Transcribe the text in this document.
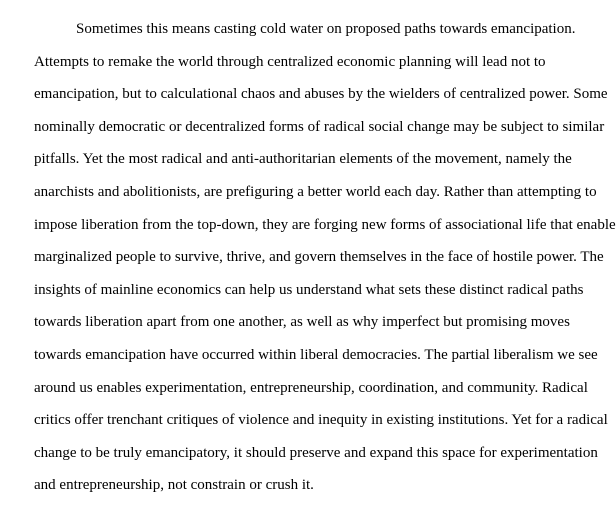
Sometimes this means casting cold water on proposed paths towards emancipation.
Attempts to remake the world through centralized economic planning will lead not to
emancipation, but to calculational chaos and abuses by the wielders of centralized power. Some
nominally democratic or decentralized forms of radical social change may be subject to similar
pitfalls. Yet the most radical and anti-authoritarian elements of the movement, namely the
anarchists and abolitionists, are prefiguring a better world each day. Rather than attempting to
impose liberation from the top-down, they are forging new forms of associational life that enable
marginalized people to survive, thrive, and govern themselves in the face of hostile power. The
insights of mainline economics can help us understand what sets these distinct radical paths
towards liberation apart from one another, as well as why imperfect but promising moves
towards emancipation have occurred within liberal democracies. The partial liberalism we see
around us enables experimentation, entrepreneurship, coordination, and community. Radical
critics offer trenchant critiques of violence and inequity in existing institutions. Yet for a radical
change to be truly emancipatory, it should preserve and expand this space for experimentation
and entrepreneurship, not constrain or crush it.
